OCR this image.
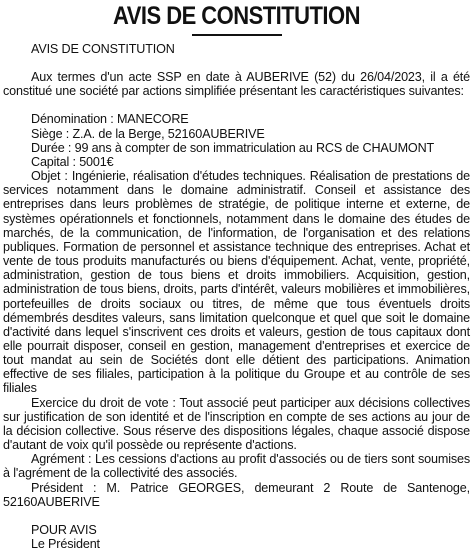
AVIS DE CONSTITUTION

AVIS DE CONSTITUTION

Aux termes d'un acte SSP en date à AUBERIVE (52) du 26/04/2023, il a été constitué une société par actions simplifiée présentant les caractéristiques suivantes:

Dénomination : MANECORE

Siège : Z.A. de la Berge, 52160AUBERIVE

Durée : 99 ans à compter de son immatriculation au RCS de CHAUMONT

Capital : 5001€

Objet : Ingénierie, réalisation d'études techniques. Réalisation de prestations de services notamment dans le domaine administratif. Conseil et assistance des entreprises dans leurs problèmes de stratégie, de politique interne et externe, de systèmes opérationnels et fonctionnels, notamment dans le domaine des études de marchés, de la communication, de l'information, de l'organisation et des relations publiques. Formation de personnel et assistance technique des entreprises. Achat et vente de tous produits manufacturés ou biens d'équipement. Achat, vente, propriété, administration, gestion de tous biens et droits immobiliers. Acquisition, gestion, administration de tous biens, droits, parts d'intérêt, valeurs mobilières et immobilières, portefeuilles de droits sociaux ou titres, de même que tous éventuels droits démembrés desdites valeurs, sans limitation quelconque et quel que soit le domaine d'activité dans lequel s'inscrivent ces droits et valeurs, gestion de tous capitaux dont elle pourrait disposer, conseil en gestion, management d'entreprises et exercice de tout mandat au sein de Sociétés dont elle détient des participations. Animation effective de ses filiales, participation à la politique du Groupe et au contrôle de ses filiales

Exercice du droit de vote : Tout associé peut participer aux décisions collectives sur justification de son identité et de l'inscription en compte de ses actions au jour de la décision collective. Sous réserve des dispositions légales, chaque associé dispose d'autant de voix qu'il possède ou représente d'actions.

Agrément : Les cessions d'actions au profit d'associés ou de tiers sont soumises à l'agrément de la collectivité des associés.

Président : M. Patrice GEORGES, demeurant 2 Route de Santenoge, 52160AUBERIVE

POUR AVIS

Le Président
